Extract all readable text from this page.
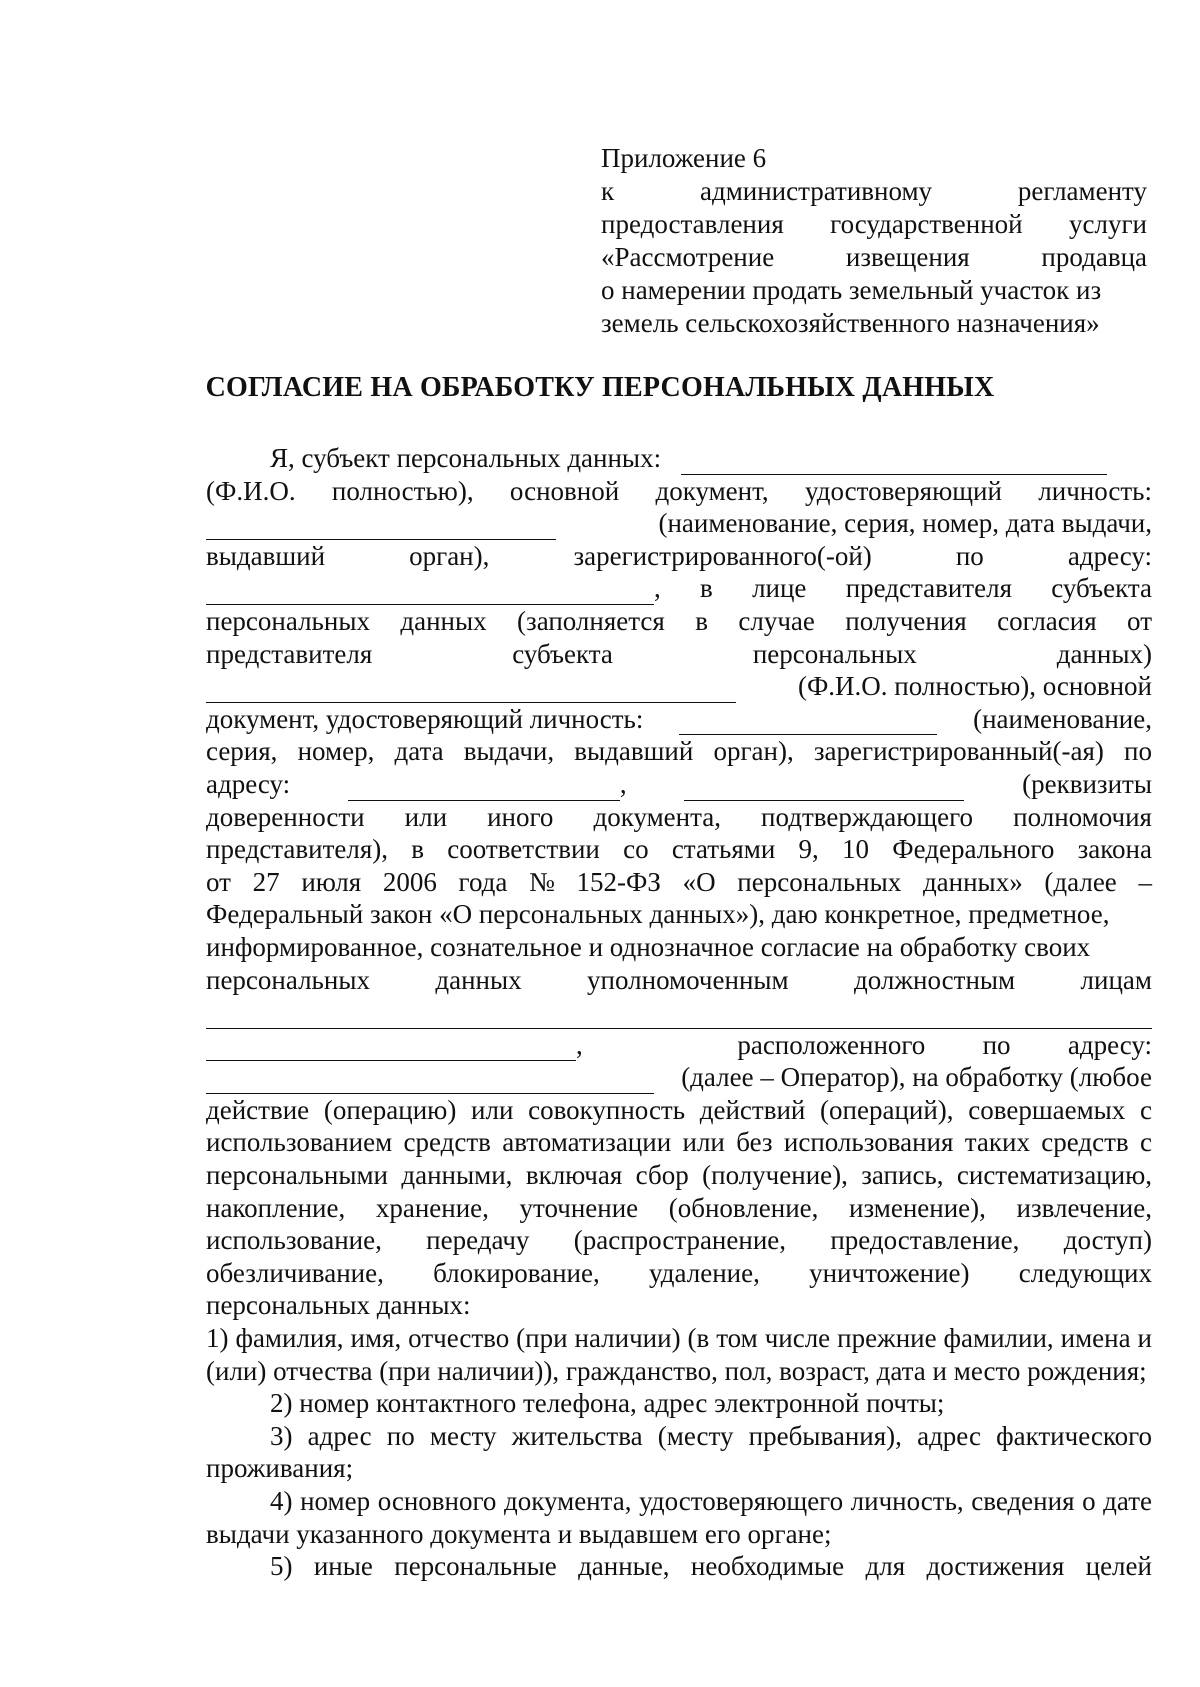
Приложение 6
к	административному	регламенту
предоставления государственной услуги
«Рассмотрение	извещения	продавца
о намерении продать земельный участок из
земель сельскохозяйственного назначения»
СОГЛАСИЕ НА ОБРАБОТКУ ПЕРСОНАЛЬНЫХ ДАННЫХ
Я, субъект персональных данных:
(Ф.И.О. полностью), основной документ, удостоверяющий личность:
(наименование, серия, номер, дата выдачи,
выдавший	орган),	зарегистрированного(-ой)	по	адресу:
, в лице представителя субъекта
персональных данных (заполняется в случае получения согласия от
представителя	субъекта	персональных	данных)
(Ф.И.О. полностью), основной
документ, удостоверяющий личность:	(наименование,
серия, номер, дата выдачи, выдавший орган), зарегистрированный(-ая) по
адресу:	,	(реквизиты
доверенности или иного документа, подтверждающего полномочия
представителя), в соответствии со статьями 9, 10 Федерального закона
от 27 июля 2006 года № 152-ФЗ «О персональных данных» (далее –
Федеральный закон «О персональных данных»), даю конкретное, предметное,
информированное, сознательное и однозначное согласие на обработку своих
персональных данных уполномоченным должностным лицам
,	расположенного по адресу:
(далее – Оператор), на обработку (любое
действие (операцию) или совокупность действий (операций), совершаемых с использованием средств автоматизации или без использования таких средств с персональными данными, включая сбор (получение), запись, систематизацию, накопление, хранение, уточнение (обновление, изменение), извлечение, использование, передачу (распространение, предоставление, доступ) обезличивание, блокирование, удаление, уничтожение) следующих персональных данных:
1) фамилия, имя, отчество (при наличии) (в том числе прежние фамилии, имена и (или) отчества (при наличии)), гражданство, пол, возраст, дата и место рождения;
2) номер контактного телефона, адрес электронной почты;
3) адрес по месту жительства (месту пребывания), адрес фактического проживания;
4) номер основного документа, удостоверяющего личность, сведения о дате выдачи указанного документа и выдавшем его органе;
5) иные персональные данные, необходимые для достижения целей
